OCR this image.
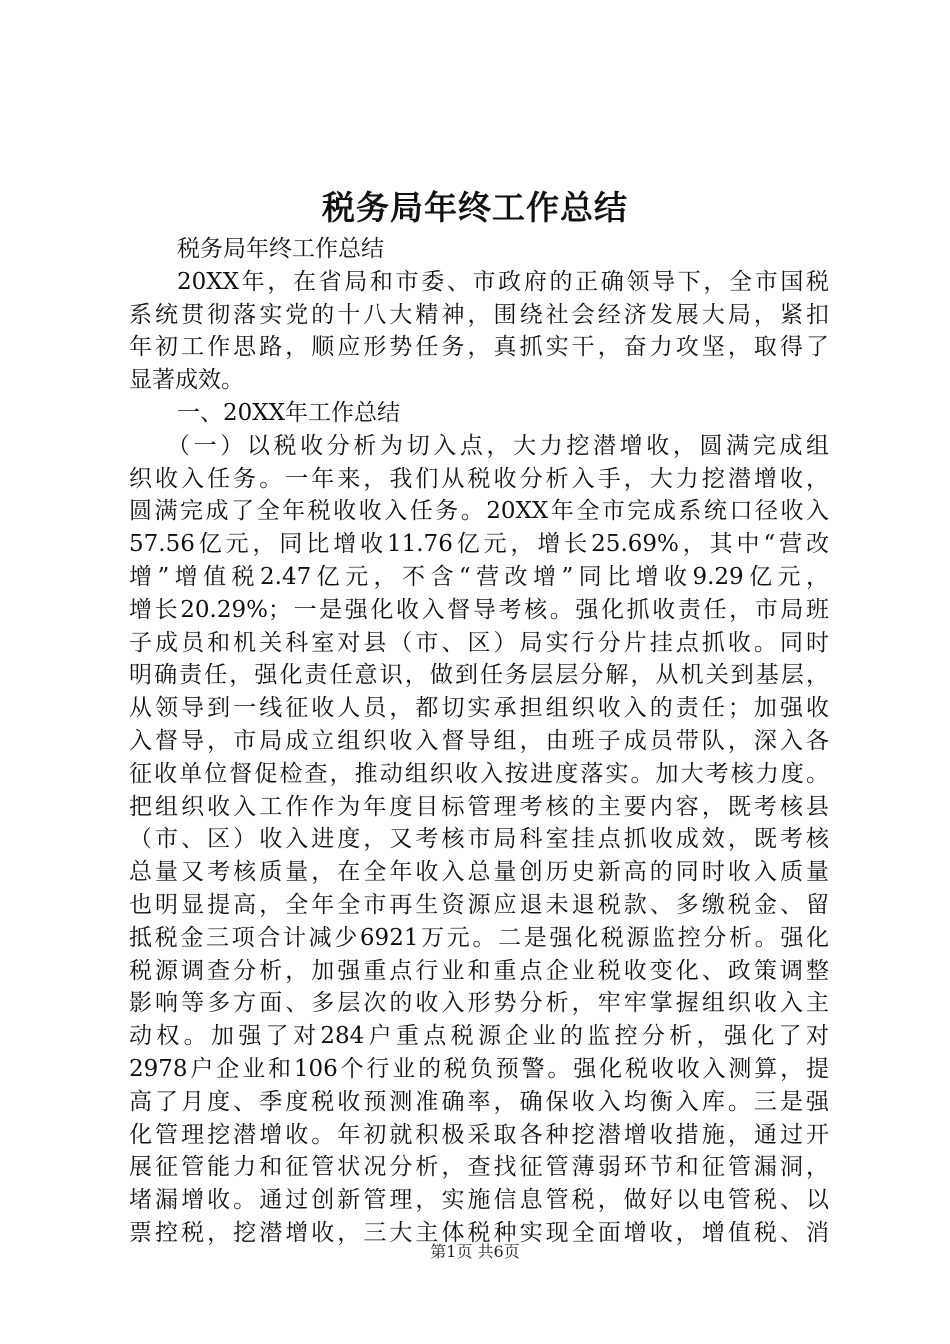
税务局年终工作总结
税务局年终工作总结
20XX年，在省局和市委、市政府的正确领导下，全市国税
系统贯彻落实党的十八大精神，围绕社会经济发展大局，紧扣
年初工作思路，顺应形势任务，真抓实干，奋力攻坚，取得了
显著成效。
一、20XX年工作总结
（一）以税收分析为切入点，大力挖潜增收，圆满完成组
织收入任务。一年来，我们从税收分析入手，大力挖潜增收，
圆满完成了全年税收收入任务。20XX年全市完成系统口径收入
57.56亿元，同比增收11.76亿元，增长25.69%，其中“营改
增”增值税2.47亿元，不含“营改增”同比增收9.29亿元，
增长20.29%；一是强化收入督导考核。强化抓收责任，市局班
子成员和机关科室对县（市、区）局实行分片挂点抓收。同时
明确责任，强化责任意识，做到任务层层分解，从机关到基层，
从领导到一线征收人员，都切实承担组织收入的责任；加强收
入督导，市局成立组织收入督导组，由班子成员带队，深入各
征收单位督促检查，推动组织收入按进度落实。加大考核力度。
把组织收入工作作为年度目标管理考核的主要内容，既考核县
（市、区）收入进度，又考核市局科室挂点抓收成效，既考核
总量又考核质量，在全年收入总量创历史新高的同时收入质量
也明显提高，全年全市再生资源应退未退税款、多缴税金、留
抵税金三项合计减少6921万元。二是强化税源监控分析。强化
税源调查分析，加强重点行业和重点企业税收变化、政策调整
影响等多方面、多层次的收入形势分析，牢牢掌握组织收入主
动权。加强了对284户重点税源企业的监控分析，强化了对
2978户企业和106个行业的税负预警。强化税收收入测算，提
高了月度、季度税收预测准确率，确保收入均衡入库。三是强
化管理挖潜增收。年初就积极采取各种挖潜增收措施，通过开
展征管能力和征管状况分析，查找征管薄弱环节和征管漏洞，
堵漏增收。通过创新管理，实施信息管税，做好以电管税、以
票控税，挖潜增收，三大主体税种实现全面增收，增值税、消
第1页 共6页
